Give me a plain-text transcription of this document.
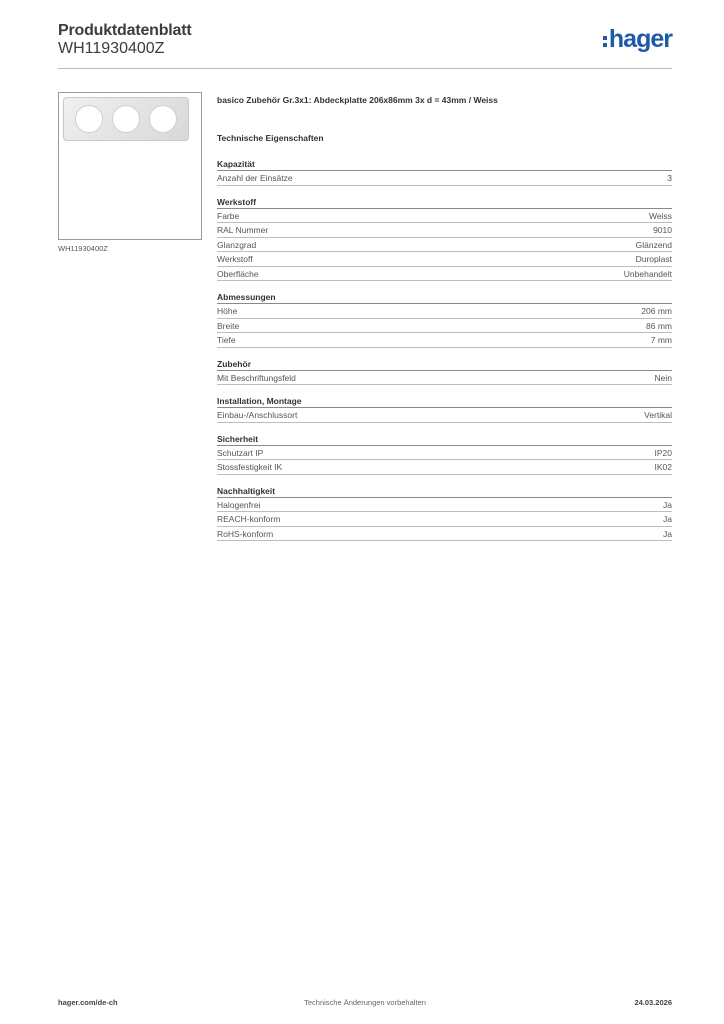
Produktdatenblatt
WH11930400Z	hager
WH11930400Z
basico Zubehör Gr.3x1: Abdeckplatte 206x86mm 3x d = 43mm / Weiss
Technische Eigenschaften
Kapazität
Anzahl der Einsätze	3
Werkstoff
Farbe	Weiss
RAL Nummer	9010
Glanzgrad	Glänzend
Werkstoff	Duroplast
Oberfläche	Unbehandelt
Abmessungen
Höhe	206 mm
Breite	86 mm
Tiefe	7 mm
Zubehör
Mit Beschriftungsfeld	Nein
Installation, Montage
Einbau-/Anschlussort	Vertikal
Sicherheit
Schutzart IP	IP20
Stossfestigkeit IK	IK02
Nachhaltigkeit
Halogenfrei	Ja
REACH-konform	Ja
RoHS-konform	Ja
hager.com/de-ch	Technische Änderungen vorbehalten	24.03.2026
